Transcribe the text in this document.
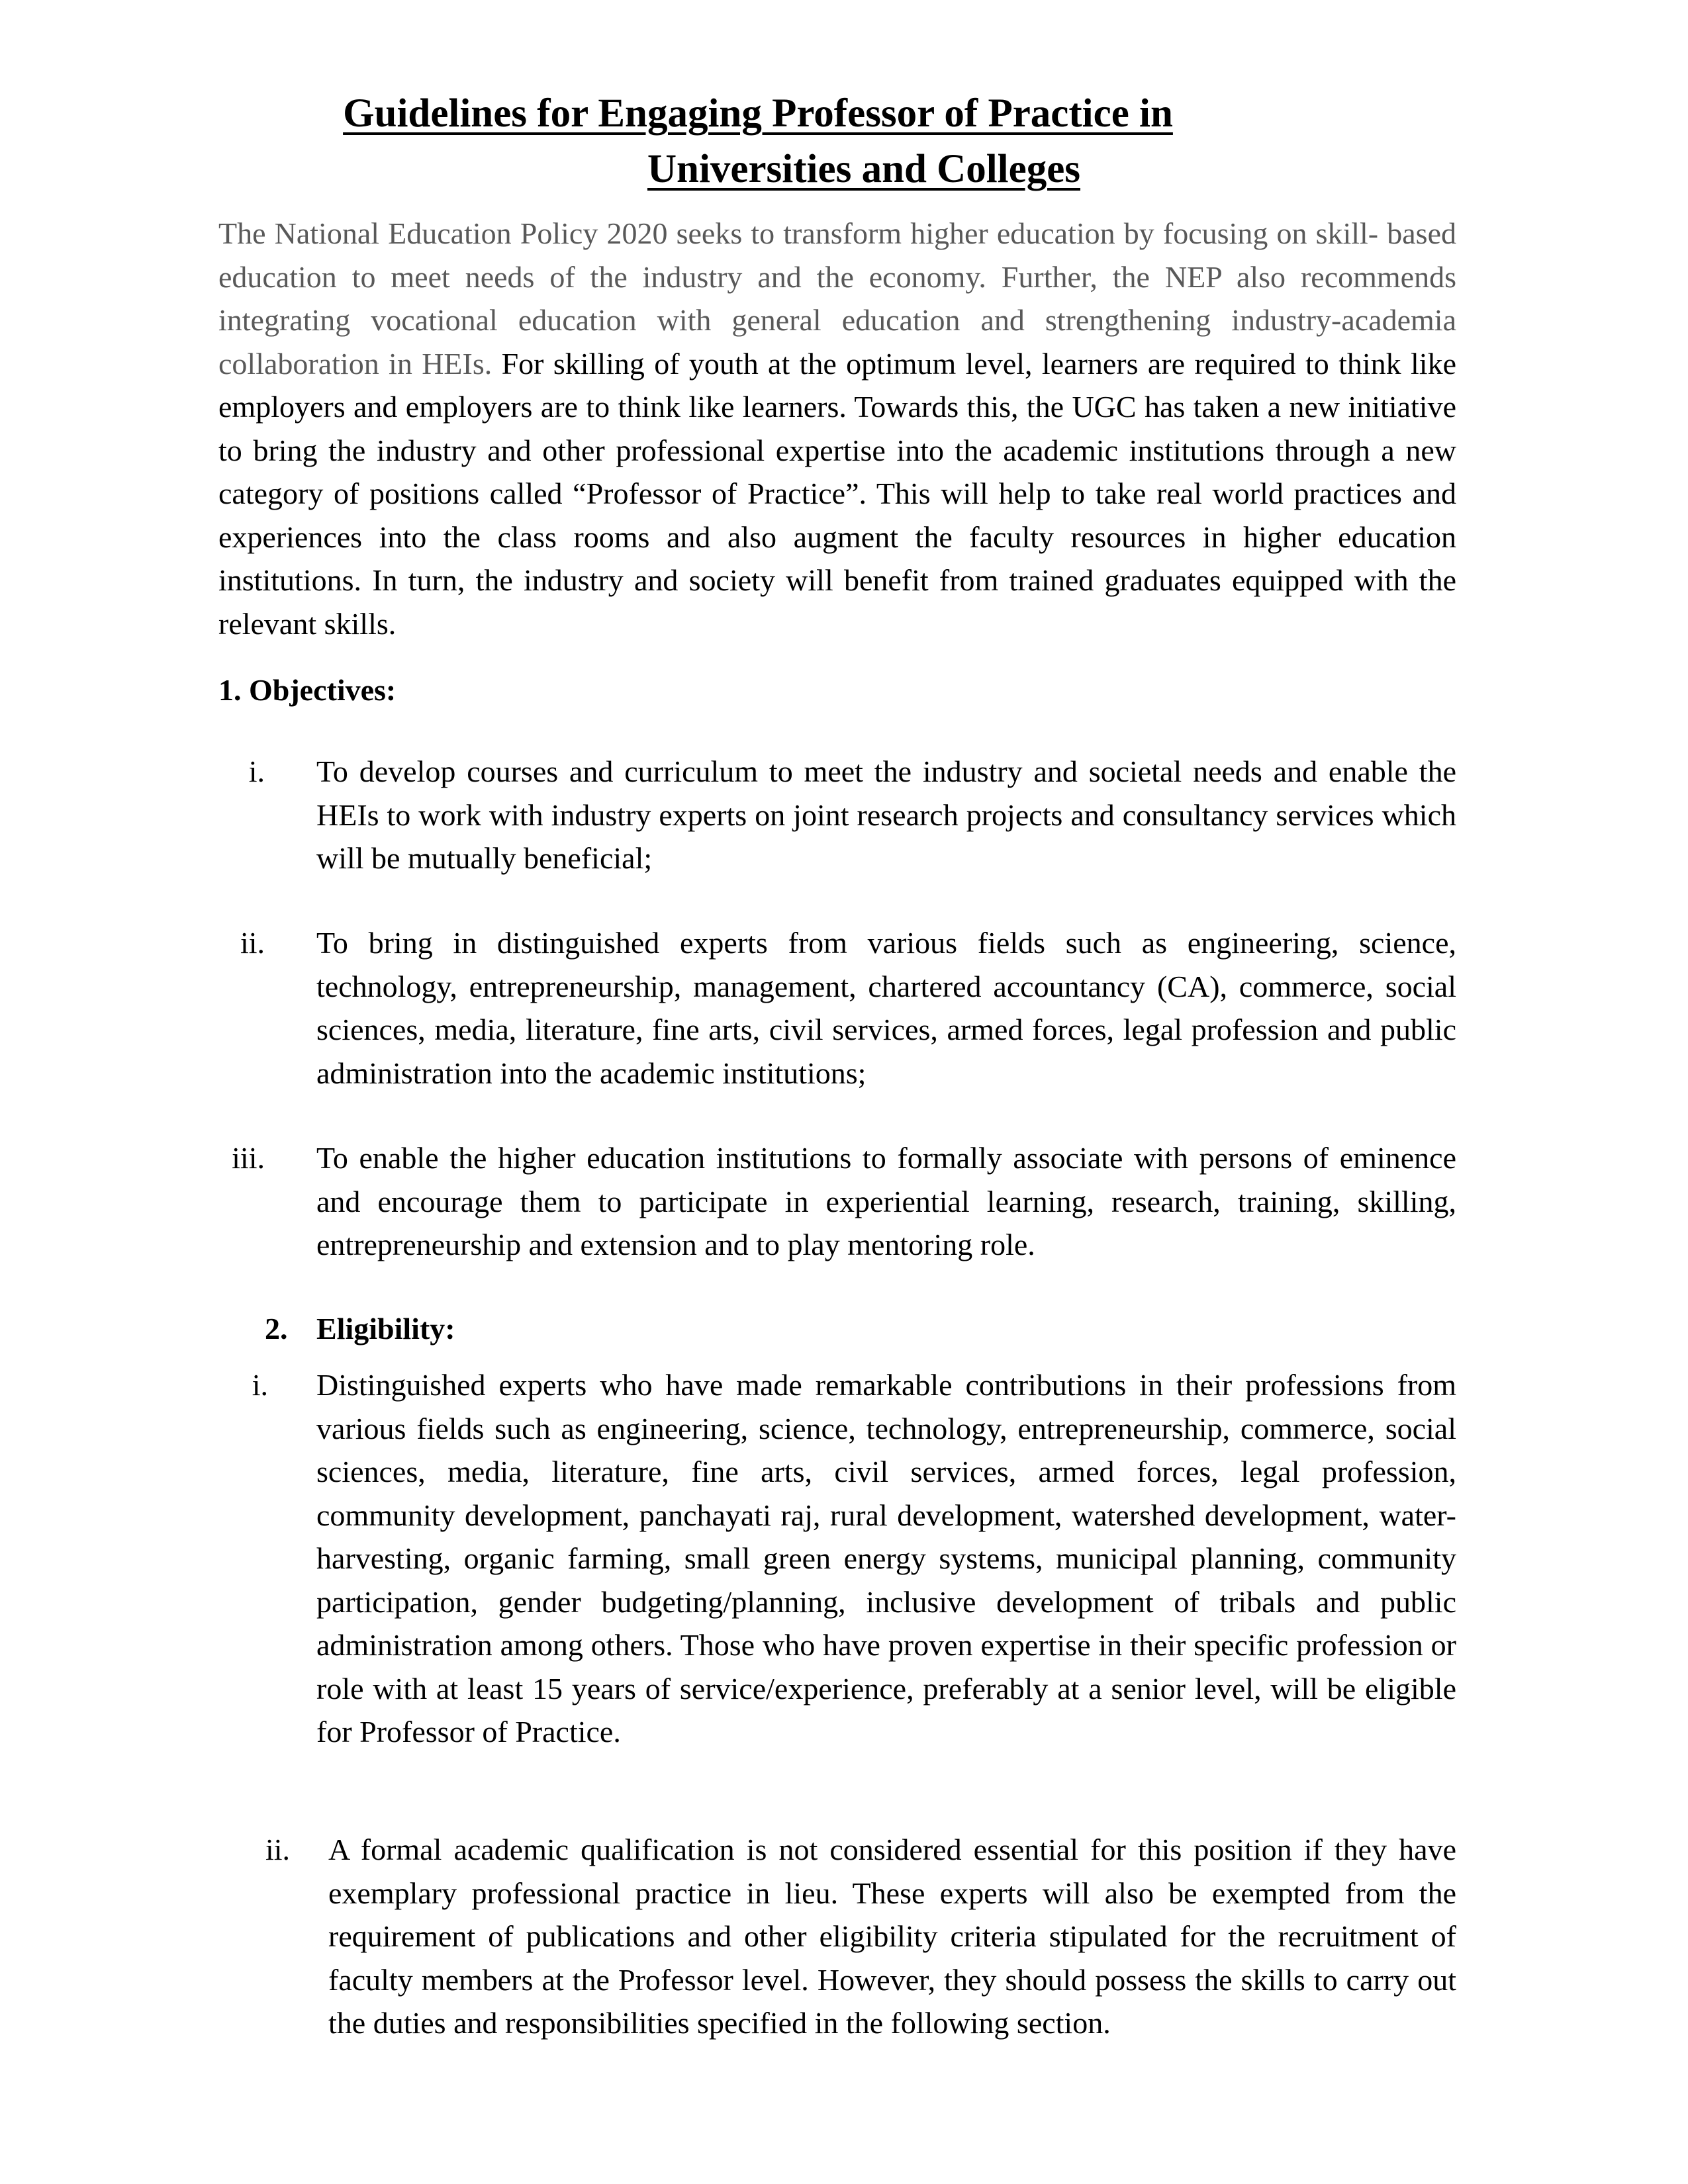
Guidelines for Engaging Professor of Practice in
Universities and Colleges

The National Education Policy 2020 seeks to transform higher education by focusing on skill- based education to meet needs of the industry and the economy. Further, the NEP also recommends integrating vocational education with general education and strengthening industry-academia collaboration in HEIs. For skilling of youth at the optimum level, learners are required to think like employers and employers are to think like learners. Towards this, the UGC has taken a new initiative to bring the industry and other professional expertise into the academic institutions through a new category of positions called “Professor of Practice”. This will help to take real world practices and experiences into the class rooms and also augment the faculty resources in higher education institutions. In turn, the industry and society will benefit from trained graduates equipped with the relevant skills.

1. Objectives:
i. To develop courses and curriculum to meet the industry and societal needs and enable the HEIs to work with industry experts on joint research projects and consultancy services which will be mutually beneficial;

ii. To bring in distinguished experts from various fields such as engineering, science, technology, entrepreneurship, management, chartered accountancy (CA), commerce, social sciences, media, literature, fine arts, civil services, armed forces, legal profession and public administration into the academic institutions;

iii. To enable the higher education institutions to formally associate with persons of eminence and encourage them to participate in experiential learning, research, training, skilling, entrepreneurship and extension and to play mentoring role.

2. Eligibility:
i. Distinguished experts who have made remarkable contributions in their professions from various fields such as engineering, science, technology, entrepreneurship, commerce, social sciences, media, literature, fine arts, civil services, armed forces, legal profession, community development, panchayati raj, rural development, watershed development, water-harvesting, organic farming, small green energy systems, municipal planning, community participation, gender budgeting/planning, inclusive development of tribals and public administration among others. Those who have proven expertise in their specific profession or role with at least 15 years of service/experience, preferably at a senior level, will be eligible for Professor of Practice.

ii. A formal academic qualification is not considered essential for this position if they have exemplary professional practice in lieu. These experts will also be exempted from the requirement of publications and other eligibility criteria stipulated for the recruitment of faculty members at the Professor level. However, they should possess the skills to carry out the duties and responsibilities specified in the following section.
